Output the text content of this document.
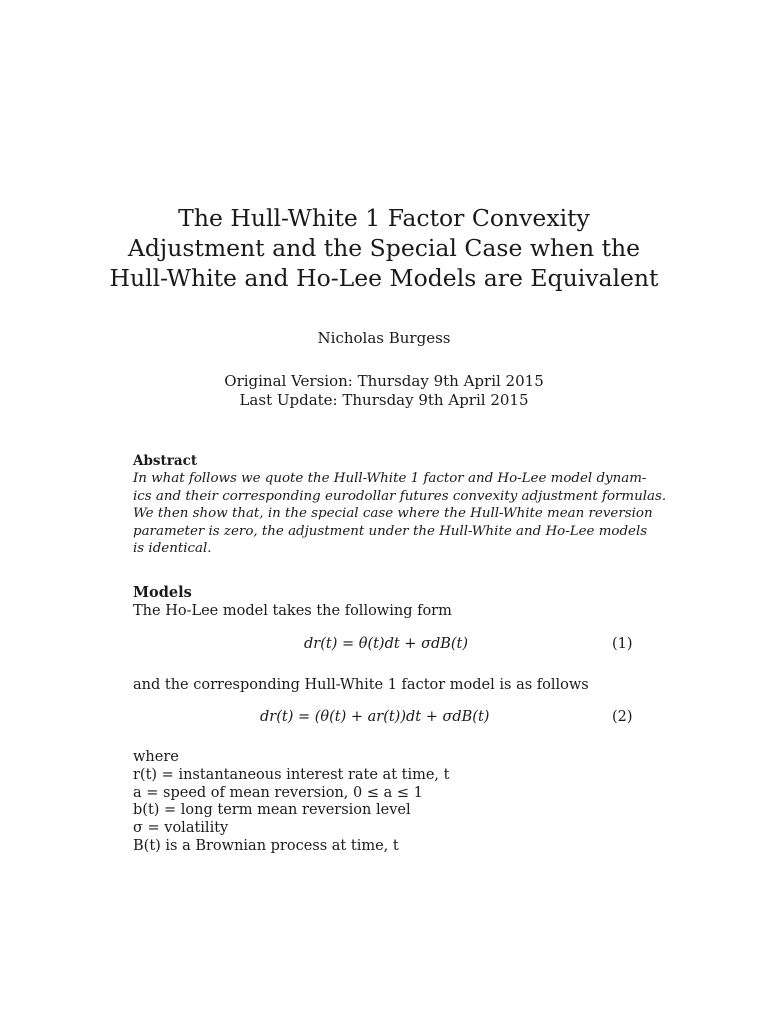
The Hull-White 1 Factor Convexity
Adjustment and the Special Case when the
Hull-White and Ho-Lee Models are Equivalent
Nicholas Burgess
Original Version: Thursday 9th April 2015
Last Update: Thursday 9th April 2015
Abstract
In what follows we quote the Hull-White 1 factor and Ho-Lee model dynam-
ics and their corresponding eurodollar futures convexity adjustment formulas.
We then show that, in the special case where the Hull-White mean reversion
parameter is zero, the adjustment under the Hull-White and Ho-Lee models
is identical.
Models
The Ho-Lee model takes the following form
dr(t) = θ(t)dt + σdB(t)	(1)
and the corresponding Hull-White 1 factor model is as follows
dr(t) = (θ(t) + ar(t))dt + σdB(t)	(2)
where
r(t) = instantaneous interest rate at time, t
a = speed of mean reversion, 0 ≤ a ≤ 1
b(t) = long term mean reversion level
σ = volatility
B(t) is a Brownian process at time, t
